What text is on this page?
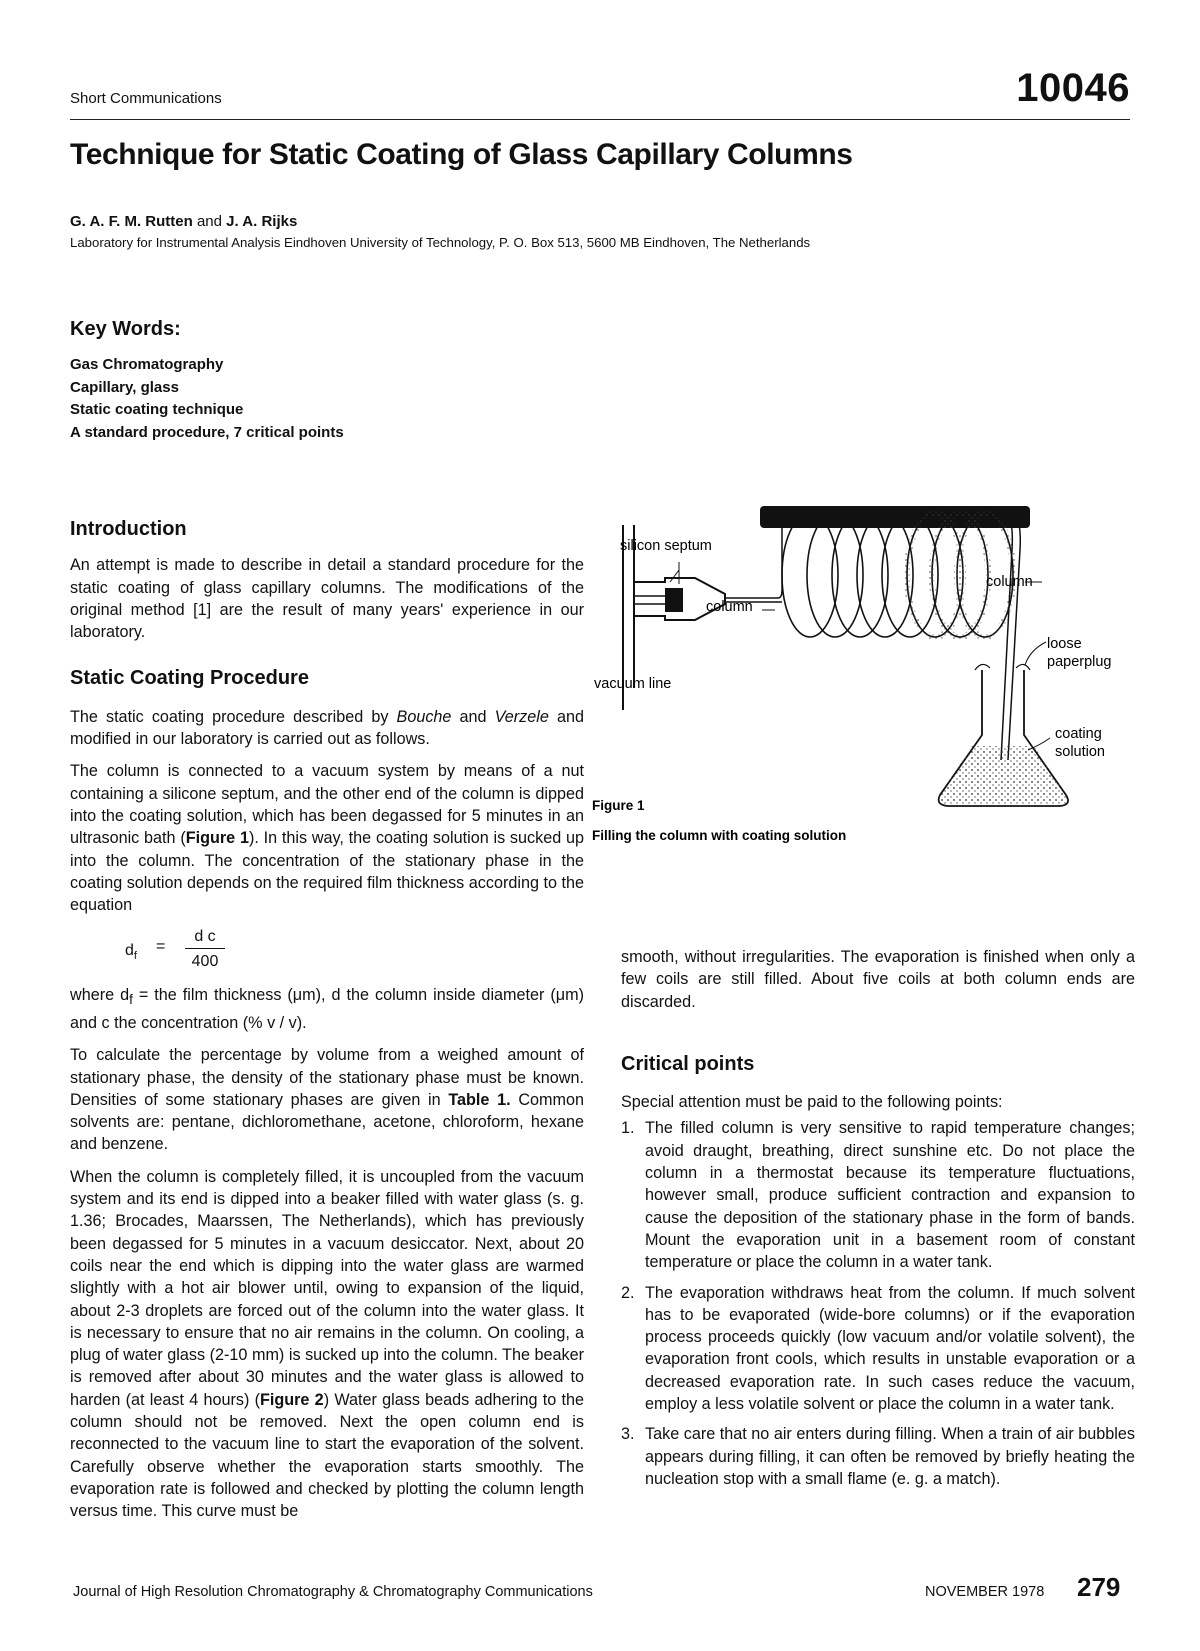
Short Communications	10046
Technique for Static Coating of Glass Capillary Columns
G. A. F. M. Rutten and J. A. Rijks
Laboratory for Instrumental Analysis Eindhoven University of Technology, P. O. Box 513, 5600 MB Eindhoven, The Netherlands
Key Words:
Gas Chromatography
Capillary, glass
Static coating technique
A standard procedure, 7 critical points
Introduction

An attempt is made to describe in detail a standard procedure for the static coating of glass capillary columns. The modifications of the original method [1] are the result of many years' experience in our laboratory.

Static Coating Procedure

The static coating procedure described by Bouche and Verzele and modified in our laboratory is carried out as follows.

The column is connected to a vacuum system by means of a nut containing a silicone septum, and the other end of the column is dipped into the coating solution, which has been degassed for 5 minutes in an ultrasonic bath (Figure 1). In this way, the coating solution is sucked up into the column. The concentration of the stationary phase in the coating solution depends on the required film thickness according to the equation

$d_f$
=
d c
400

where $d_f$ = the film thickness (μm), d the column inside diameter (μm) and c the concentration (% v / v).

To calculate the percentage by volume from a weighed amount of stationary phase, the density of the stationary phase must be known. Densities of some stationary phases are given in Table 1. Common solvents are: pentane, dichloromethane, acetone, chloroform, hexane and benzene.

When the column is completely filled, it is uncoupled from the vacuum system and its end is dipped into a beaker filled with water glass (s. g. 1.36; Brocades, Maarssen, The Netherlands), which has previously been degassed for 5 minutes in a vacuum desiccator. Next, about 20 coils near the end which is dipping into the water glass are warmed slightly with a hot air blower until, owing to expansion of the liquid, about 2-3 droplets are forced out of the column into the water glass. It is necessary to ensure that no air remains in the column. On cooling, a plug of water glass (2-10 mm) is sucked up into the column. The beaker is removed after about 30 minutes and the water glass is allowed to harden (at least 4 hours) (Figure 2) Water glass beads adhering to the column should not be removed. Next the open column end is reconnected to the vacuum line to start the evaporation of the solvent. Carefully observe whether the evaporation starts smoothly. The evaporation rate is followed and checked by plotting the column length versus time. This curve must be

silicon septum
column
column
loose
paperplug
coating
solution
vacuum line
Figure 1
Filling the column with coating solution

smooth, without irregularities. The evaporation is finished when only a few coils are still filled. About five coils at both column ends are discarded.

Critical points

Special attention must be paid to the following points:

1. The filled column is very sensitive to rapid temperature changes; avoid draught, breathing, direct sunshine etc. Do not place the column in a thermostat because its temperature fluctuations, however small, produce sufficient contraction and expansion to cause the deposition of the stationary phase in the form of bands. Mount the evaporation unit in a basement room of constant temperature or place the column in a water tank.
2. The evaporation withdraws heat from the column. If much solvent has to be evaporated (wide-bore columns) or if the evaporation process proceeds quickly (low vacuum and/or volatile solvent), the evaporation front cools, which results in unstable evaporation or a decreased evaporation rate. In such cases reduce the vacuum, employ a less volatile solvent or place the column in a water tank.
3. Take care that no air enters during filling. When a train of air bubbles appears during filling, it can often be removed by briefly heating the nucleation stop with a small flame (e. g. a match).
Journal of High Resolution Chromatography & Chromatography Communications	NOVEMBER 1978 279
